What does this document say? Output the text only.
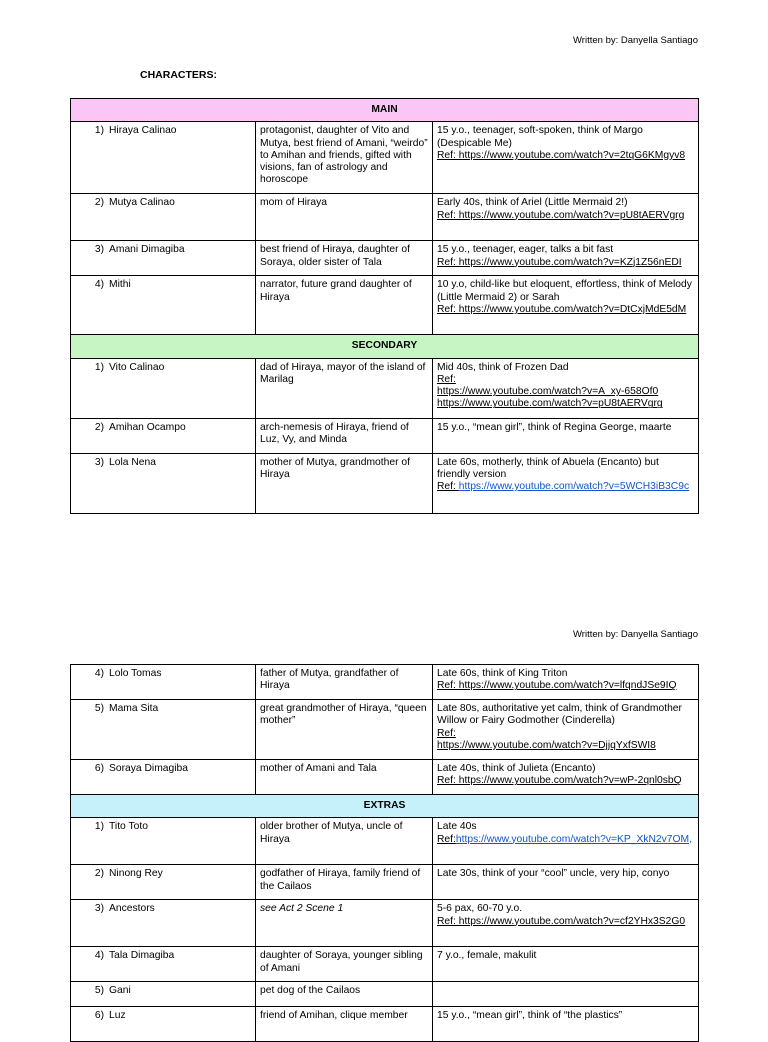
Written by: Danyella Santiago
CHARACTERS:
MAIN		
1) Hiraya Calinao	protagonist, daughter of Vito and Mutya, best friend of Amani, “weirdo” to Amihan and friends, gifted with visions, fan of astrology and horoscope	15 y.o., teenager, soft-spoken, think of Margo (Despicable Me)
Ref: https://www.youtube.com/watch?v=2tqG6KMgyv8

2) Mutya Calinao	mom of Hiraya	Early 40s, think of Ariel (Little Mermaid 2!)
Ref: https://www.youtube.com/watch?v=pU8tAERVgrg

3) Amani Dimagiba	best friend of Hiraya, daughter of Soraya, older sister of Tala	15 y.o., teenager, eager, talks a bit fast
Ref: https://www.youtube.com/watch?v=KZj1Z56nEDI

4) Mithi	narrator, future grand daughter of Hiraya	10 y.o, child-like but eloquent, effortless, think of Melody (Little Mermaid 2) or Sarah
Ref: https://www.youtube.com/watch?v=DtCxjMdE5dM

SECONDARY		
1) Vito Calinao	dad of Hiraya, mayor of the island of Marilag	Mid 40s, think of Frozen Dad
Ref:
https://www.youtube.com/watch?v=A_xy-658Of0
https://www.youtube.com/watch?v=pU8tAERVgrg

2) Amihan Ocampo	arch-nemesis of Hiraya, friend of Luz, Vy, and Minda	15 y.o., “mean girl”, think of Regina George, maarte
3) Lola Nena	mother of Mutya, grandmother of Hiraya	Late 60s, motherly, think of Abuela (Encanto) but friendly version
Ref: https://www.youtube.com/watch?v=5WCH3iB3C9c
Written by: Danyella Santiago
4) Lolo Tomas	father of Mutya, grandfather of Hiraya	Late 60s, think of King Triton
Ref: https://www.youtube.com/watch?v=lfqndJSe9IQ

5) Mama Sita	great grandmother of Hiraya, “queen mother”	Late 80s, authoritative yet calm, think of Grandmother Willow or Fairy Godmother (Cinderella)
Ref:
https://www.youtube.com/watch?v=DjjqYxfSWI8

6) Soraya Dimagiba	mother of Amani and Tala	Late 40s, think of Julieta (Encanto)
Ref: https://www.youtube.com/watch?v=wP-2qnl0sbQ

EXTRAS		
1) Tito Toto	older brother of Mutya, uncle of Hiraya	Late 40s
Ref:https://www.youtube.com/watch?v=KP_XkN2v7OM,

2) Ninong Rey	godfather of Hiraya, family friend of the Cailaos	Late 30s, think of your “cool” uncle, very hip, conyo
3) Ancestors	see Act 2 Scene 1	5-6 pax, 60-70 y.o.
Ref: https://www.youtube.com/watch?v=cf2YHx3S2G0

4) Tala Dimagiba	daughter of Soraya, younger sibling of Amani	7 y.o., female, makulit
5) Gani	pet dog of the Cailaos	
6) Luz	friend of Amihan, clique member	15 y.o., “mean girl”, think of “the plastics”
